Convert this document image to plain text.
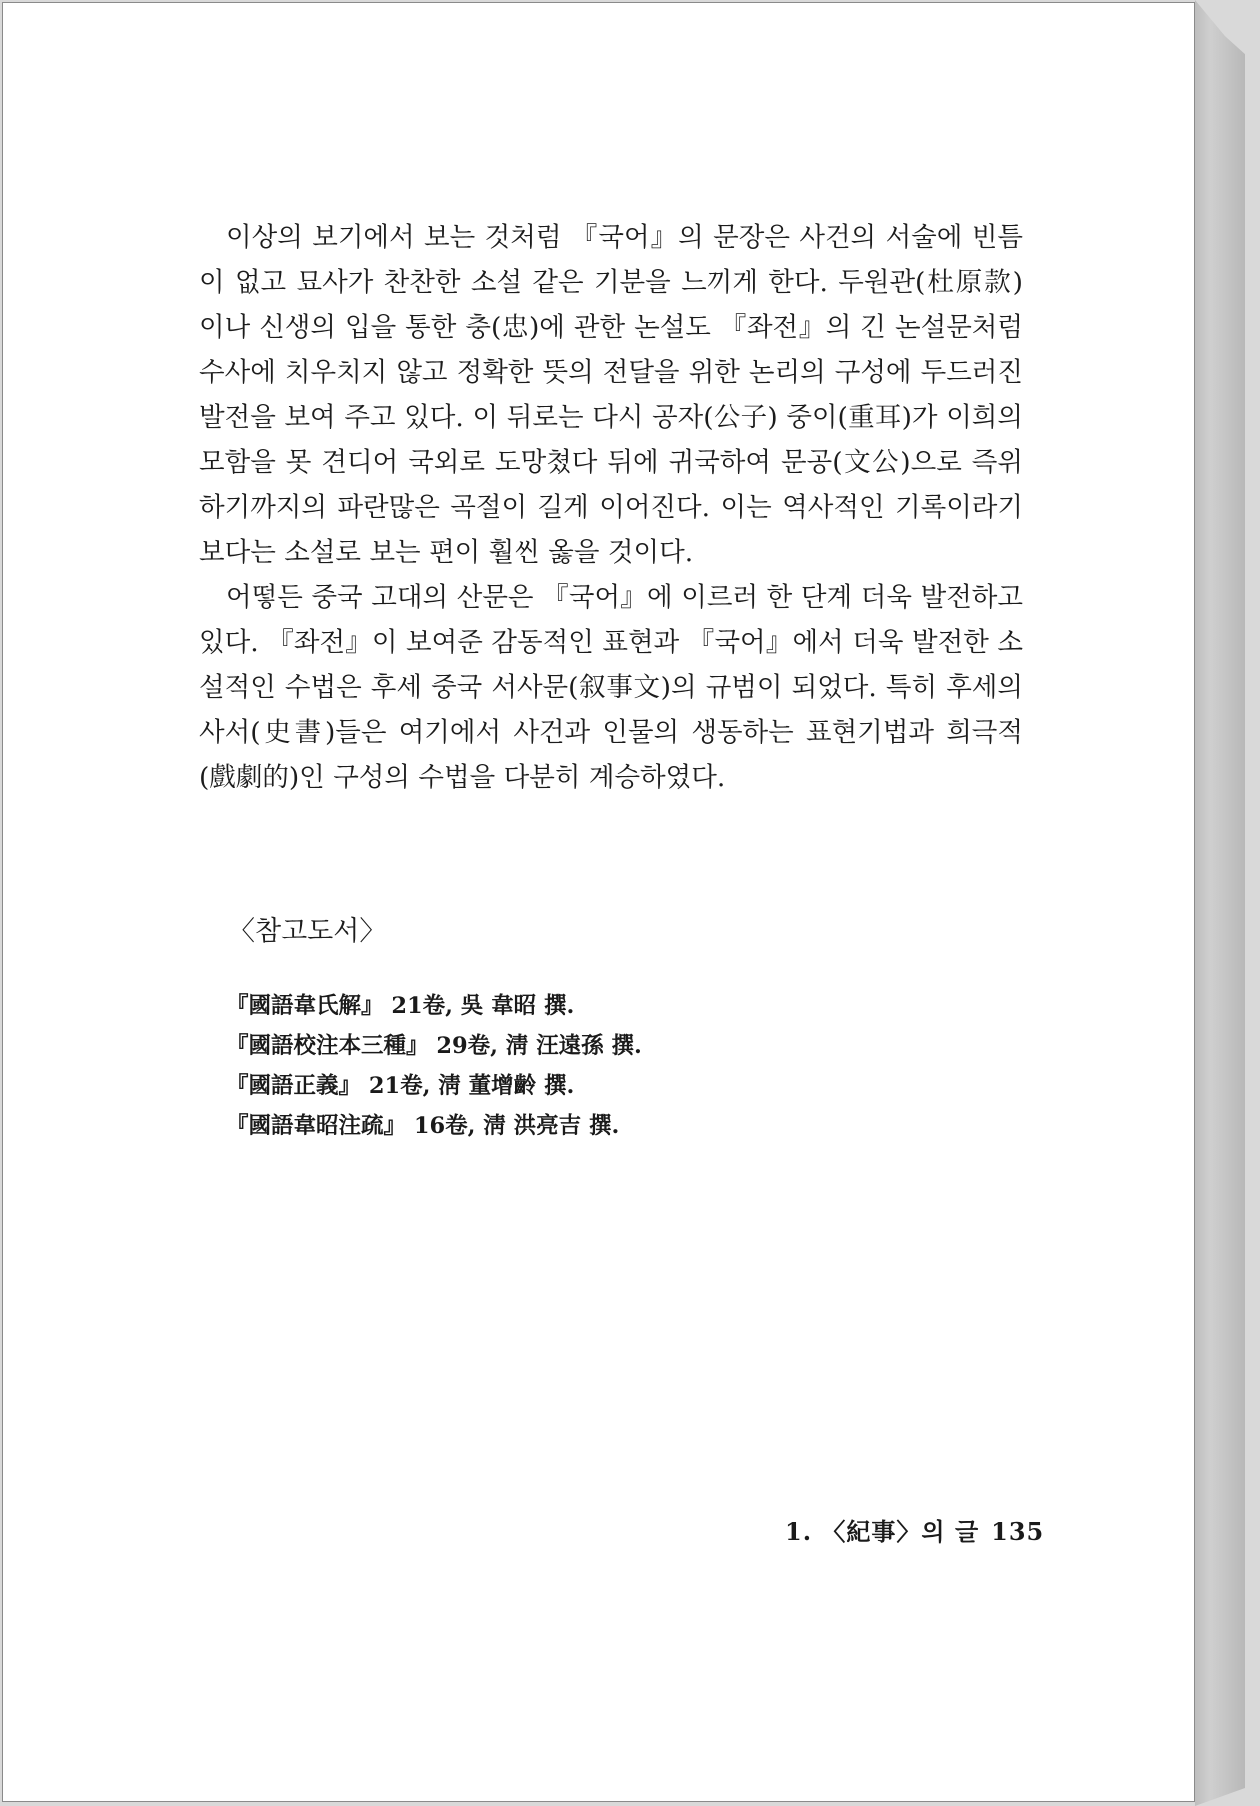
이상의 보기에서 보는 것처럼 『국어』의 문장은 사건의 서술에 빈틈이 없고 묘사가 찬찬한 소설 같은 기분을 느끼게 한다. 두원관(杜原款)이나 신생의 입을 통한 충(忠)에 관한 논설도 『좌전』의 긴 논설문처럼 수사에 치우치지 않고 정확한 뜻의 전달을 위한 논리의 구성에 두드러진 발전을 보여 주고 있다. 이 뒤로는 다시 공자(公子) 중이(重耳)가 이희의 모함을 못 견디어 국외로 도망쳤다 뒤에 귀국하여 문공(文公)으로 즉위하기까지의 파란많은 곡절이 길게 이어진다. 이는 역사적인 기록이라기보다는 소설로 보는 편이 훨씬 옳을 것이다.

어떻든 중국 고대의 산문은 『국어』에 이르러 한 단계 더욱 발전하고 있다. 『좌전』이 보여준 감동적인 표현과 『국어』에서 더욱 발전한 소설적인 수법은 후세 중국 서사문(叙事文)의 규범이 되었다. 특히 후세의 사서(史書)들은 여기에서 사건과 인물의 생동하는 표현기법과 희극적(戲劇的)인 구성의 수법을 다분히 계승하였다.

〈참고도서〉

『國語韋氏解』 21卷, 吳 韋昭 撰.
『國語校注本三種』 29卷, 淸 汪遠孫 撰.
『國語正義』 21卷, 淸 董增齡 撰.
『國語韋昭注疏』 16卷, 淸 洪亮吉 撰.
1. 〈紀事〉의 글 135
